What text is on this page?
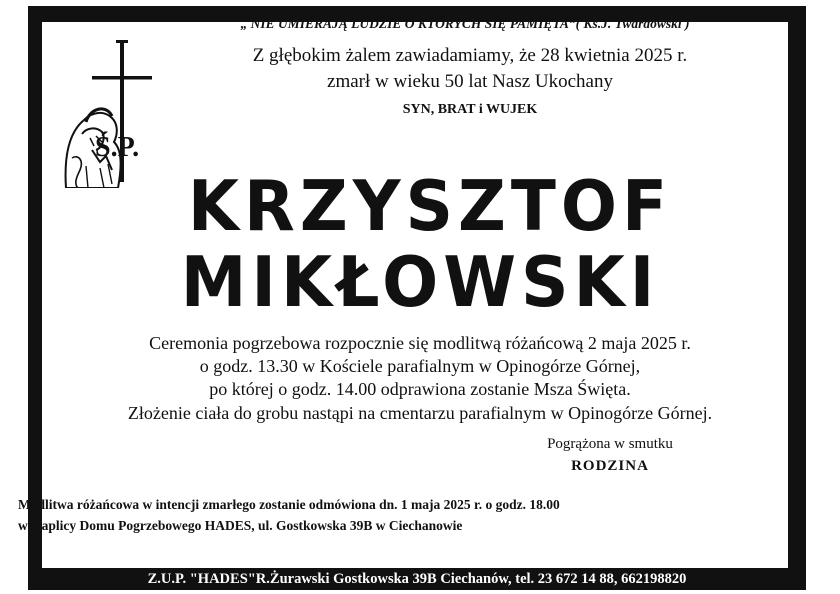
„ NIE UMIERAJĄ LUDZIE O KTÓRYCH SIĘ PAMIĘTA”( Ks.J. Twardowski )
Z głębokim żalem zawiadamiamy, że 28 kwietnia 2025 r.
zmarł w wieku 50 lat Nasz Ukochany
SYN, BRAT i WUJEK
Ś.P.
KRZYSZTOF
MIKŁOWSKI
Ceremonia pogrzebowa rozpocznie się modlitwą różańcową 2 maja 2025 r.
o godz. 13.30 w Kościele parafialnym w Opinogórze Górnej,
po której o godz. 14.00 odprawiona zostanie Msza Święta.
Złożenie ciała do grobu nastąpi na cmentarzu parafialnym w Opinogórze Górnej.
Pogrążona w smutku
RODZINA
Modlitwa różańcowa w intencji zmarłego zostanie odmówiona dn. 1 maja 2025 r. o godz. 18.00
w Kaplicy Domu Pogrzebowego HADES, ul. Gostkowska 39B w Ciechanowie
Z.U.P. "HADES"R.Żurawski Gostkowska 39B Ciechanów, tel. 23 672 14 88, 662198820
